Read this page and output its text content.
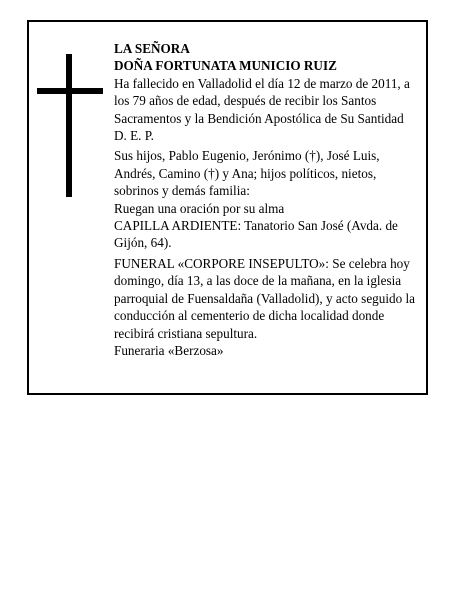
LA SEÑORA

DOÑA FORTUNATA MUNICIO RUIZ

Ha fallecido en Valladolid el día 12 de marzo de 2011, a los 79 años de edad, después de recibir los Santos Sacramentos y la Bendición Apostólica de Su Santidad D. E. P.

Sus hijos, Pablo Eugenio, Jerónimo (†), José Luis, Andrés, Camino (†) y Ana; hijos políticos, nietos, sobrinos y demás familia:

Ruegan una oración por su alma

CAPILLA ARDIENTE: Tanatorio San José (Avda. de Gijón, 64).

FUNERAL «CORPORE INSEPULTO»: Se celebra hoy domingo, día 13, a las doce de la mañana, en la iglesia parroquial de Fuensaldaña (Valladolid), y acto seguido la conducción al cementerio de dicha localidad donde recibirá cristiana sepultura.

Funeraria «Berzosa»
